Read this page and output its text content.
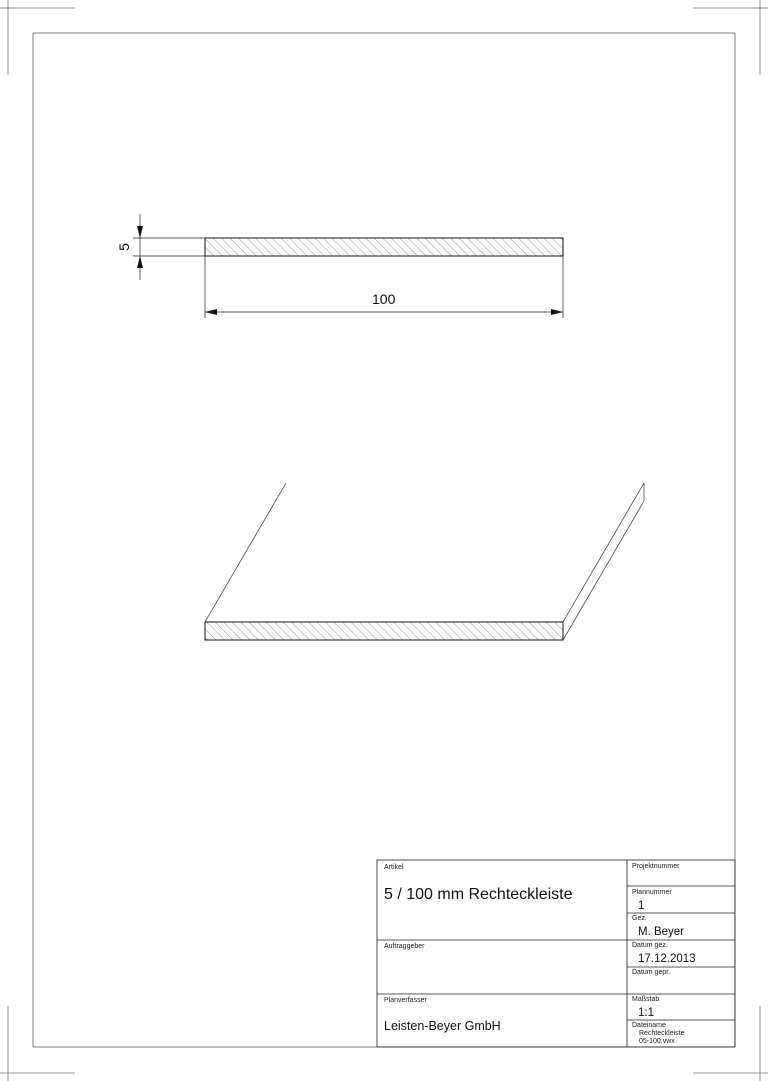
5
100
Artikel
5 / 100 mm Rechteckleiste
Projektnummer
Plannummer
1
Gez.
M. Beyer
Auftraggeber	Datum gez.
17.12.2013
Datum gepr.
Planverfasser
Leisten-Beyer GmbH
Maßstab
1:1
Dateiname
Rechteckleiste
05-100.vwx
